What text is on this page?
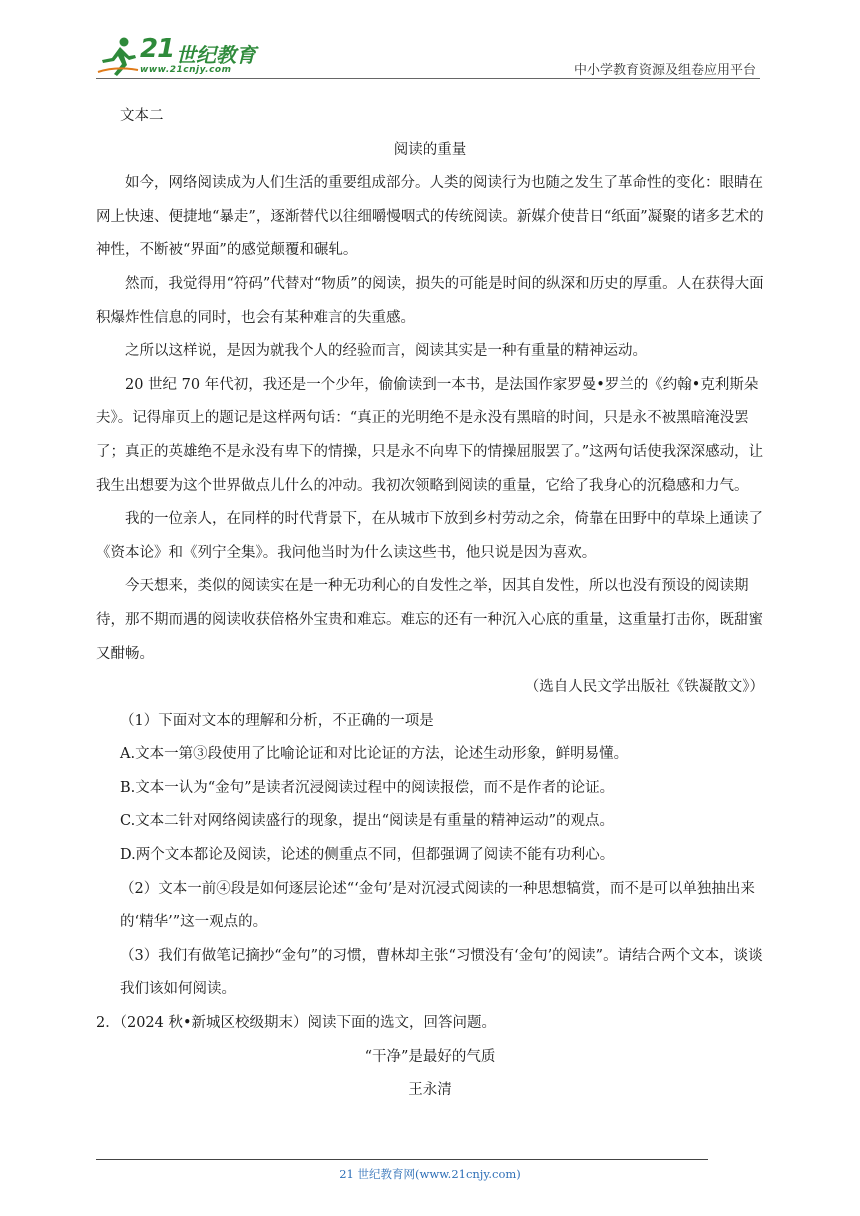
21 世纪教育
www.21cnjy.com	中小学教育资源及组卷应用平台

文本二

阅读的重量

如今，网络阅读成为人们生活的重要组成部分。人类的阅读行为也随之发生了革命性的变化：眼睛在网上快速、便捷地“暴走”，逐渐替代以往细嚼慢咽式的传统阅读。新媒介使昔日“纸面”凝聚的诸多艺术的神性，不断被“界面”的感觉颠覆和碾轧。

然而，我觉得用“符码”代替对“物质”的阅读，损失的可能是时间的纵深和历史的厚重。人在获得大面积爆炸性信息的同时，也会有某种难言的失重感。

之所以这样说，是因为就我个人的经验而言，阅读其实是一种有重量的精神运动。

20 世纪 70 年代初，我还是一个少年，偷偷读到一本书，是法国作家罗曼•罗兰的《约翰•克利斯朵夫》。记得扉页上的题记是这样两句话：“真正的光明绝不是永没有黑暗的时间，只是永不被黑暗淹没罢了；真正的英雄绝不是永没有卑下的情操，只是永不向卑下的情操屈服罢了。”这两句话使我深深感动，让我生出想要为这个世界做点儿什么的冲动。我初次领略到阅读的重量，它给了我身心的沉稳感和力气。

我的一位亲人，在同样的时代背景下，在从城市下放到乡村劳动之余，倚靠在田野中的草垛上通读了《资本论》和《列宁全集》。我问他当时为什么读这些书，他只说是因为喜欢。

今天想来，类似的阅读实在是一种无功利心的自发性之举，因其自发性，所以也没有预设的阅读期待，那不期而遇的阅读收获倍格外宝贵和难忘。难忘的还有一种沉入心底的重量，这重量打击你，既甜蜜又酣畅。

（选自人民文学出版社《铁凝散文》）

（1）下面对文本的理解和分析，不正确的一项是

A.文本一第③段使用了比喻论证和对比论证的方法，论述生动形象，鲜明易懂。

B.文本一认为“金句”是读者沉浸阅读过程中的阅读报偿，而不是作者的论证。

C.文本二针对网络阅读盛行的现象，提出“阅读是有重量的精神运动”的观点。

D.两个文本都论及阅读，论述的侧重点不同，但都强调了阅读不能有功利心。

（2）文本一前④段是如何逐层论述“‘金句’是对沉浸式阅读的一种思想犒赏，而不是可以单独抽出来的‘精华’”这一观点的。

（3）我们有做笔记摘抄“金句”的习惯，曹林却主张“习惯没有‘金句’的阅读”。请结合两个文本，谈谈我们该如何阅读。

2．（2024 秋•新城区校级期末）阅读下面的选文，回答问题。

“干净”是最好的气质

王永清

21 世纪教育网(www.21cnjy.com)
